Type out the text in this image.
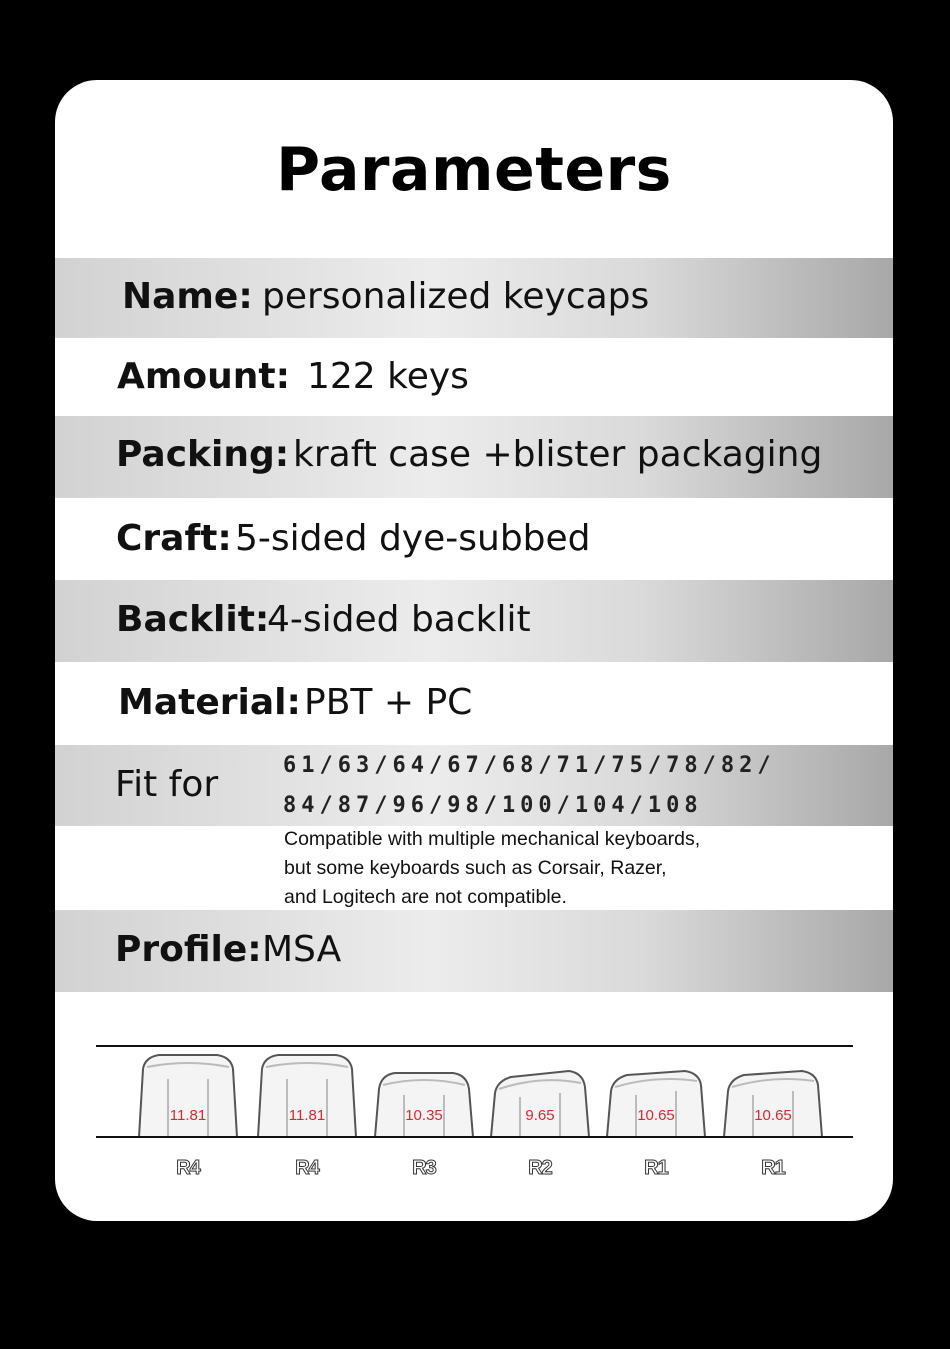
Parameters
Name: personalized keycaps
Amount: 122 keys
Packing: kraft case +blister packaging
Craft: 5-sided dye-subbed
Backlit:
4-sided backlit
Material: PBT + PC
Fit for	61/63/64/67/68/71/75/78/82/
84/87/96/98/100/104/108
Compatible with multiple mechanical keyboards,
but some keyboards such as Corsair, Razer,
and Logitech are not compatible.
Profile: MSA
11.81
R4
11.81
R4
10.35
R3
9.65
R2
10.65
R1
10.65
R1
